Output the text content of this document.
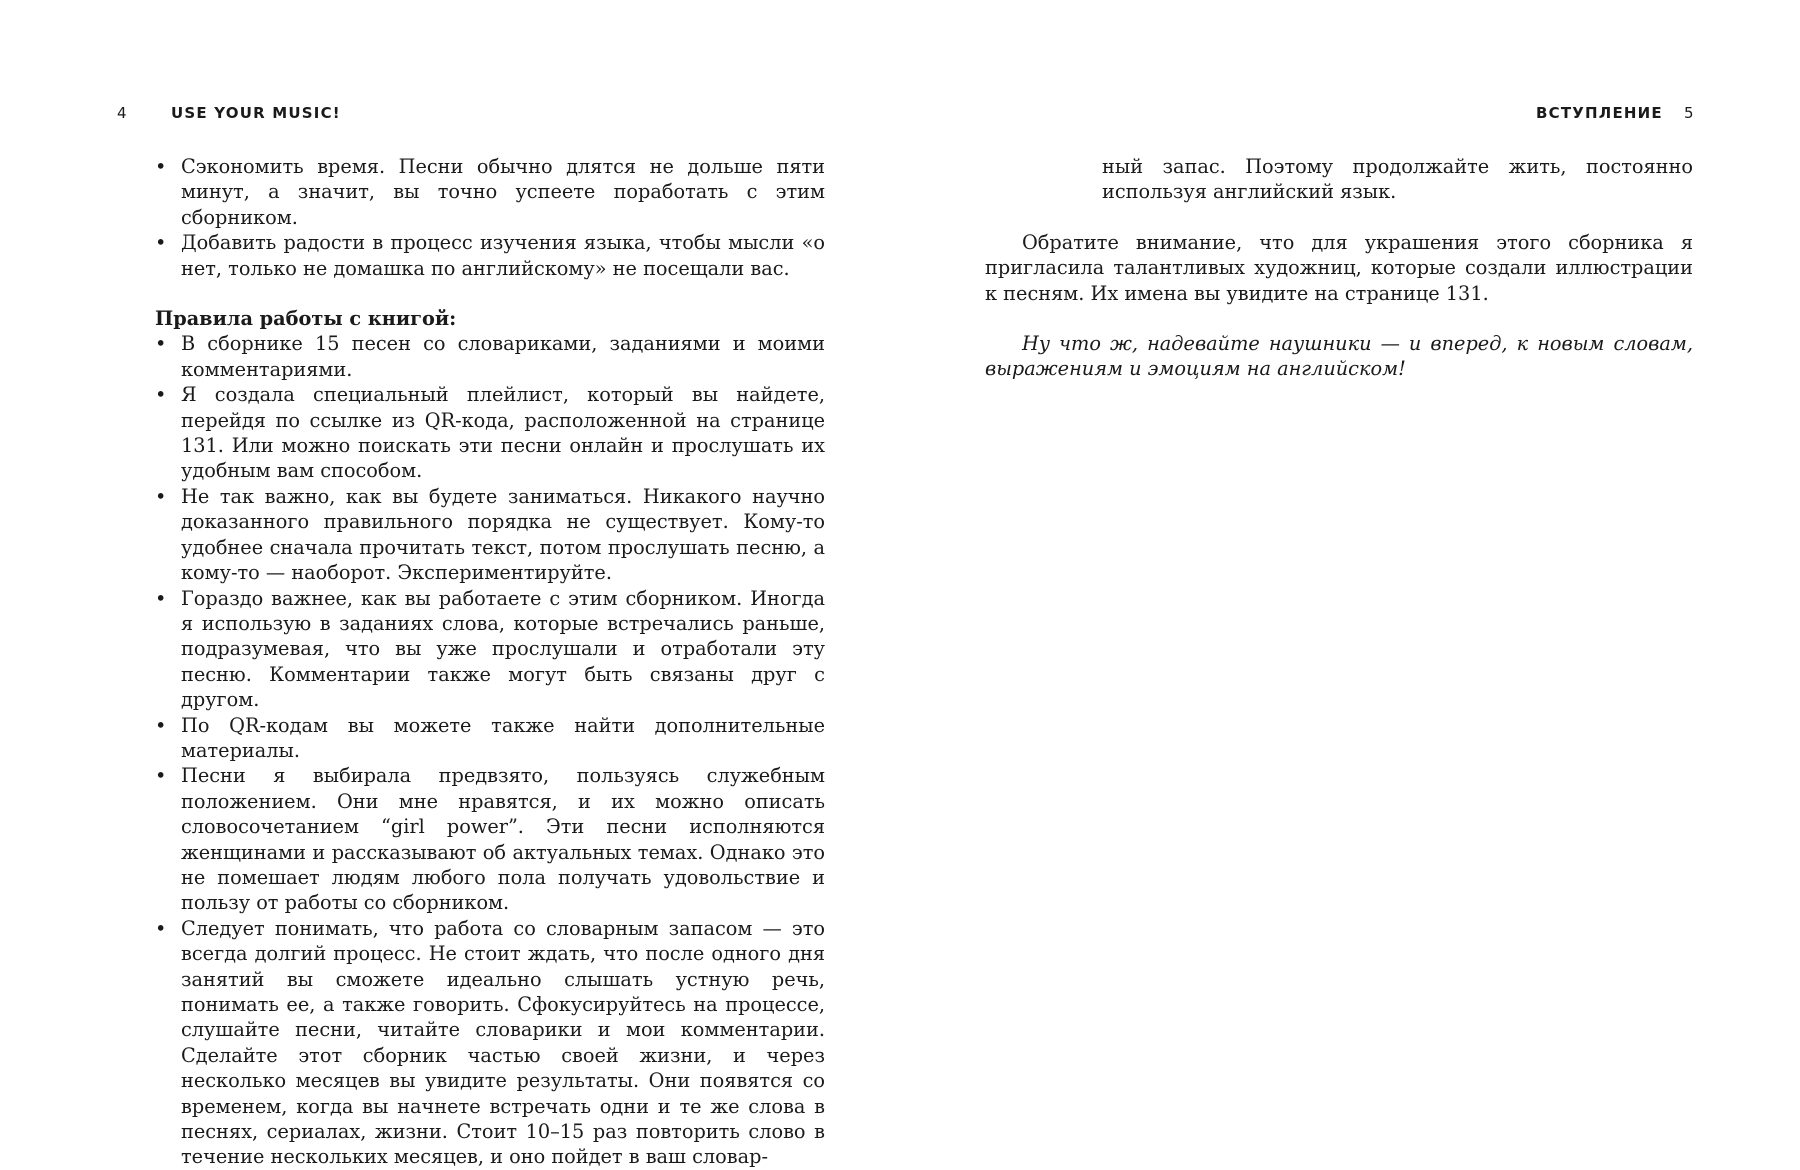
4	USE YOUR MUSIC!
• Сэкономить время. Песни обычно длятся не дольше пяти минут, а значит, вы точно успеете поработать с этим сборником.
• Добавить радости в процесс изучения языка, чтобы мысли «о нет, только не домашка по английскому» не посещали вас.

Правила работы с книгой:

• В сборнике 15 песен со словариками, заданиями и моими комментариями.
• Я создала специальный плейлист, который вы найдете, перейдя по ссылке из QR-кода, расположенной на странице 131. Или можно поискать эти песни онлайн и прослушать их удобным вам способом.
• Не так важно, как вы будете заниматься. Никакого научно доказанного правильного порядка не существует. Кому-то удобнее сначала прочитать текст, потом прослушать песню, а кому-то — наоборот. Экспериментируйте.
• Гораздо важнее, как вы работаете с этим сборником. Иногда я использую в заданиях слова, которые встречались раньше, подразумевая, что вы уже прослушали и отработали эту песню. Комментарии также могут быть связаны друг с другом.
• По QR-кодам вы можете также найти дополнительные материалы.
• Песни я выбирала предвзято, пользуясь служебным положением. Они мне нравятся, и их можно описать словосочетанием “girl power”. Эти песни исполняются женщинами и рассказывают об актуальных темах. Однако это не помешает людям любого пола получать удовольствие и пользу от работы со сборником.
• Следует понимать, что работа со словарным запасом — это всегда долгий процесс. Не стоит ждать, что после одного дня занятий вы сможете идеально слышать устную речь, понимать ее, а также говорить. Сфокусируйтесь на процессе, слушайте песни, читайте словарики и мои комментарии. Сделайте этот сборник частью своей жизни, и через несколько месяцев вы увидите результаты. Они появятся со временем, когда вы начнете встречать одни и те же слова в песнях, сериалах, жизни. Стоит 10–15 раз повторить слово в течение нескольких месяцев, и оно пойдет в ваш словар-
ВСТУПЛЕНИЕ 5

ный запас. Поэтому продолжайте жить, постоянно используя английский язык.

Обратите внимание, что для украшения этого сборника я пригласила талантливых художниц, которые создали иллюстрации к песням. Их имена вы увидите на странице 131.

Ну что ж, надевайте наушники — и вперед, к новым словам, выражениям и эмоциям на английском!
